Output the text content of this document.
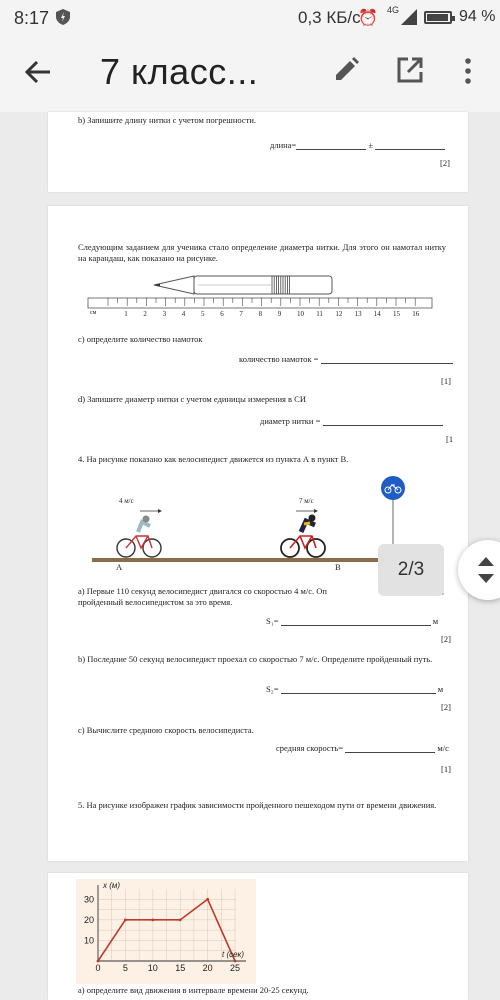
8:17	0,3 КБ/с
⏰ 4G	94 %
7 класс...
b) Запишите длину нитки с учетом погрешности.
длина=	±
[2]
Следующим заданием для ученика стало определение диаметра нитки. Для этого он намотал нитку на карандаш, как показано на рисунке.
см	1 2 3 4 5 6 7 8 9 10 11 12 13 14 15 16
c) определите количество намоток
количество намоток =
[1]
d) Запишите диаметр нитки с учетом единицы измерения в СИ
диаметр нитки =
[1
4. На рисунке показано как велосипедист движется из пункта А в пункт В.
4 м/с	7 м/с
A	B
а) Первые 110 секунд велосипедист двигался со скоростью 4 м/с. Оп
пройденный велосипедистом за это время.
S₁=	м
[2]
b) Последние 50 секунд велосипедист проехал со скоростью 7 м/с. Определите пройденный путь.
S₂=	м
[2]
с) Вычислите среднюю скорость велосипедиста.
средняя скорость=	м/с
[1]
5. На рисунке изображен график зависимости пройденного пешеходом пути от времени движения.
0 5 10 15 20 25
10
20
30
t (сек)
x (м)
а) определите вид движения в интервале времени 20-25 секунд.
2/3
